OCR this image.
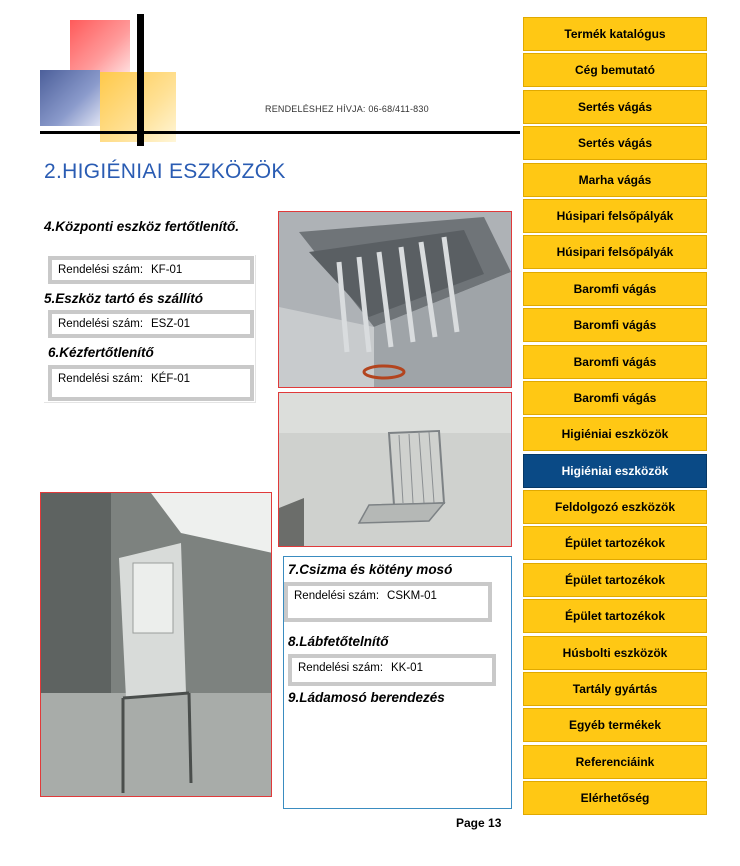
RENDELÉSHEZ HÍVJA: 06-68/411-830
2.HIGIÉNIAI ESZKÖZÖK
4.Központi eszköz fertőtlenítő.
Rendelési szám: KF-01
5.Eszköz tartó és szállító
Rendelési szám: ESZ-01
6.Kézfertőtlenítő
Rendelési szám: KÉF-01
7.Csizma és kötény mosó
Rendelési szám: CSKM-01
8.Lábfetőtelnítő
Rendelési szám: KK-01
9.Ládamosó berendezés
Page 13
Termék katalógus
Cég bemutató
Sertés vágás
Sertés vágás
Marha vágás
Húsipari felsőpályák
Húsipari felsőpályák
Baromfi vágás
Baromfi vágás
Baromfi vágás
Baromfi vágás
Higiéniai eszközök
Higiéniai eszközök
Feldolgozó eszközök
Épület tartozékok
Épület tartozékok
Épület tartozékok
Húsbolti eszközök
Tartály gyártás
Egyéb termékek
Referenciáink
Elérhetőség
